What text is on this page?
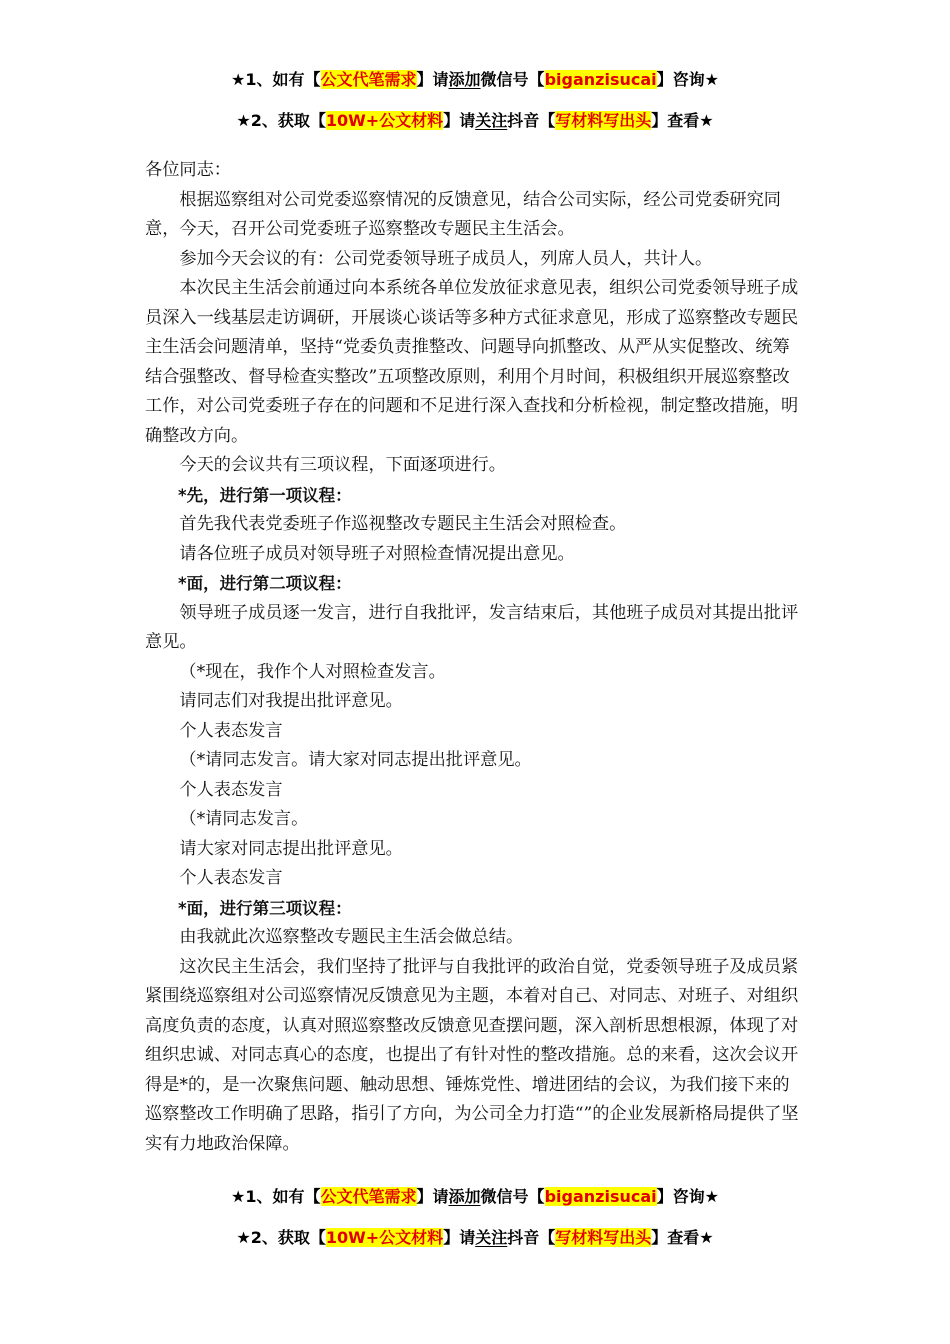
★1、如有【公文代笔需求】请添加微信号【biganzisucai】咨询★
★2、获取【10W+公文材料】请关注抖音【写材料写出头】查看★

各位同志：

根据巡察组对公司党委巡察情况的反馈意见，结合公司实际，经公司党委研究同意，今天，召开公司党委班子巡察整改专题民主生活会。

参加今天会议的有：公司党委领导班子成员人，列席人员人，共计人。

本次民主生活会前通过向本系统各单位发放征求意见表，组织公司党委领导班子成员深入一线基层走访调研，开展谈心谈话等多种方式征求意见，形成了巡察整改专题民主生活会问题清单，坚持“党委负责推整改、问题导向抓整改、从严从实促整改、统筹结合强整改、督导检查实整改”五项整改原则，利用个月时间，积极组织开展巡察整改工作，对公司党委班子存在的问题和不足进行深入查找和分析检视，制定整改措施，明确整改方向。

今天的会议共有三项议程，下面逐项进行。

*先，进行第一项议程：

首先我代表党委班子作巡视整改专题民主生活会对照检查。

请各位班子成员对领导班子对照检查情况提出意见。

*面，进行第二项议程：

领导班子成员逐一发言，进行自我批评，发言结束后，其他班子成员对其提出批评意见。

（*现在，我作个人对照检查发言。

请同志们对我提出批评意见。

个人表态发言

（*请同志发言。请大家对同志提出批评意见。

个人表态发言

（*请同志发言。

请大家对同志提出批评意见。

个人表态发言

*面，进行第三项议程：

由我就此次巡察整改专题民主生活会做总结。

这次民主生活会，我们坚持了批评与自我批评的政治自觉，党委领导班子及成员紧紧围绕巡察组对公司巡察情况反馈意见为主题，本着对自己、对同志、对班子、对组织高度负责的态度，认真对照巡察整改反馈意见查摆问题，深入剖析思想根源，体现了对组织忠诚、对同志真心的态度，也提出了有针对性的整改措施。总的来看，这次会议开得是*的，是一次聚焦问题、触动思想、锤炼党性、增进团结的会议，为我们接下来的巡察整改工作明确了思路，指引了方向，为公司全力打造“”的企业发展新格局提供了坚实有力地政治保障。

★1、如有【公文代笔需求】请添加微信号【biganzisucai】咨询★
★2、获取【10W+公文材料】请关注抖音【写材料写出头】查看★
